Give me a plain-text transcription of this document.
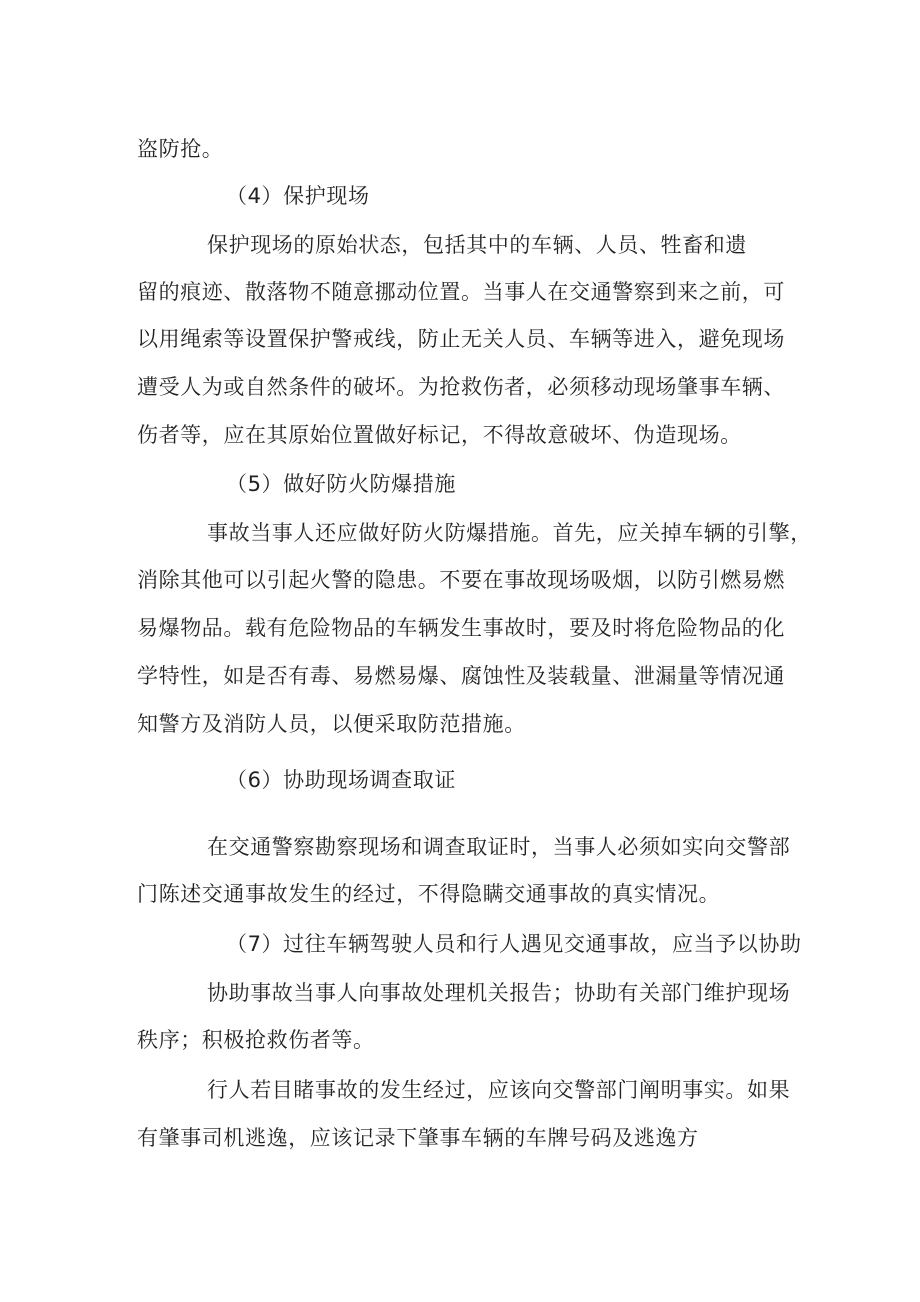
盗防抢。
（4）保护现场
保护现场的原始状态，包括其中的车辆、人员、牲畜和遗
留的痕迹、散落物不随意挪动位置。当事人在交通警察到来之前，可
以用绳索等设置保护警戒线，防止无关人员、车辆等进入，避免现场
遭受人为或自然条件的破坏。为抢救伤者，必须移动现场肇事车辆、
伤者等，应在其原始位置做好标记，不得故意破坏、伪造现场。
（5）做好防火防爆措施
事故当事人还应做好防火防爆措施。首先，应关掉车辆的引擎，
消除其他可以引起火警的隐患。不要在事故现场吸烟，以防引燃易燃
易爆物品。载有危险物品的车辆发生事故时，要及时将危险物品的化
学特性，如是否有毒、易燃易爆、腐蚀性及装载量、泄漏量等情况通
知警方及消防人员，以便采取防范措施。
（6）协助现场调查取证
在交通警察勘察现场和调查取证时，当事人必须如实向交警部
门陈述交通事故发生的经过，不得隐瞒交通事故的真实情况。
（7）过往车辆驾驶人员和行人遇见交通事故，应当予以协助
协助事故当事人向事故处理机关报告；协助有关部门维护现场
秩序；积极抢救伤者等。
行人若目睹事故的发生经过，应该向交警部门阐明事实。如果
有肇事司机逃逸，应该记录下肇事车辆的车牌号码及逃逸方
